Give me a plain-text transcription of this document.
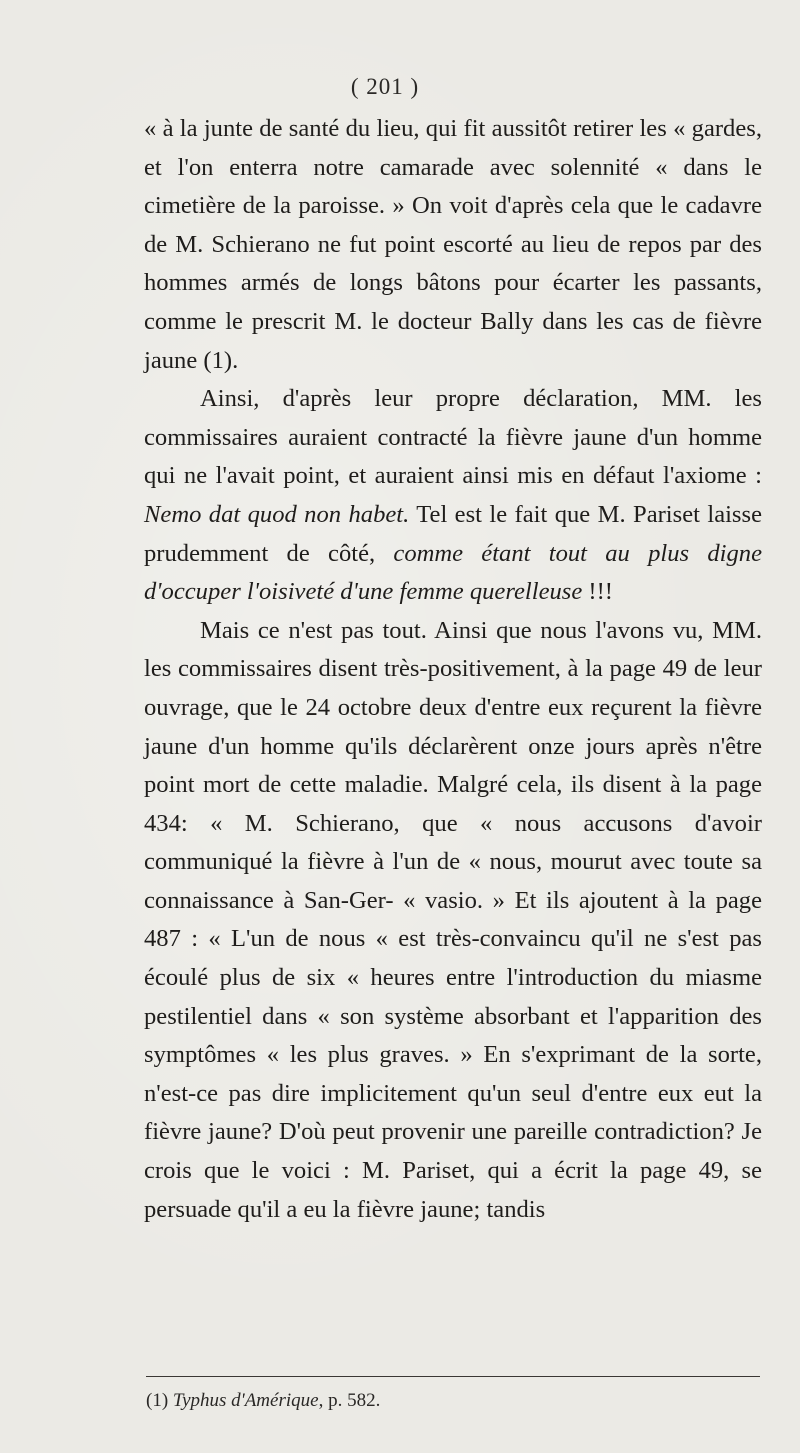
( 201 )

« à la junte de santé du lieu, qui fit aussitôt retirer les « gardes, et l'on enterra notre camarade avec solennité « dans le cimetière de la paroisse. » On voit d'après cela que le cadavre de M. Schierano ne fut point escorté au lieu de repos par des hommes armés de longs bâtons pour écarter les passants, comme le prescrit M. le docteur Bally dans les cas de fièvre jaune (1).

Ainsi, d'après leur propre déclaration, MM. les commissaires auraient contracté la fièvre jaune d'un homme qui ne l'avait point, et auraient ainsi mis en défaut l'axiome : Nemo dat quod non habet. Tel est le fait que M. Pariset laisse prudemment de côté, comme étant tout au plus digne d'occuper l'oisiveté d'une femme querelleuse !!!

Mais ce n'est pas tout. Ainsi que nous l'avons vu, MM. les commissaires disent très-positivement, à la page 49 de leur ouvrage, que le 24 octobre deux d'entre eux reçurent la fièvre jaune d'un homme qu'ils déclarèrent onze jours après n'être point mort de cette maladie. Malgré cela, ils disent à la page 434: « M. Schierano, que « nous accusons d'avoir communiqué la fièvre à l'un de « nous, mourut avec toute sa connaissance à San-Ger- « vasio. » Et ils ajoutent à la page 487 : « L'un de nous « est très-convaincu qu'il ne s'est pas écoulé plus de six « heures entre l'introduction du miasme pestilentiel dans « son système absorbant et l'apparition des symptômes « les plus graves. » En s'exprimant de la sorte, n'est-ce pas dire implicitement qu'un seul d'entre eux eut la fièvre jaune? D'où peut provenir une pareille contradiction? Je crois que le voici : M. Pariset, qui a écrit la page 49, se persuade qu'il a eu la fièvre jaune; tandis

(1) Typhus d'Amérique, p. 582.
